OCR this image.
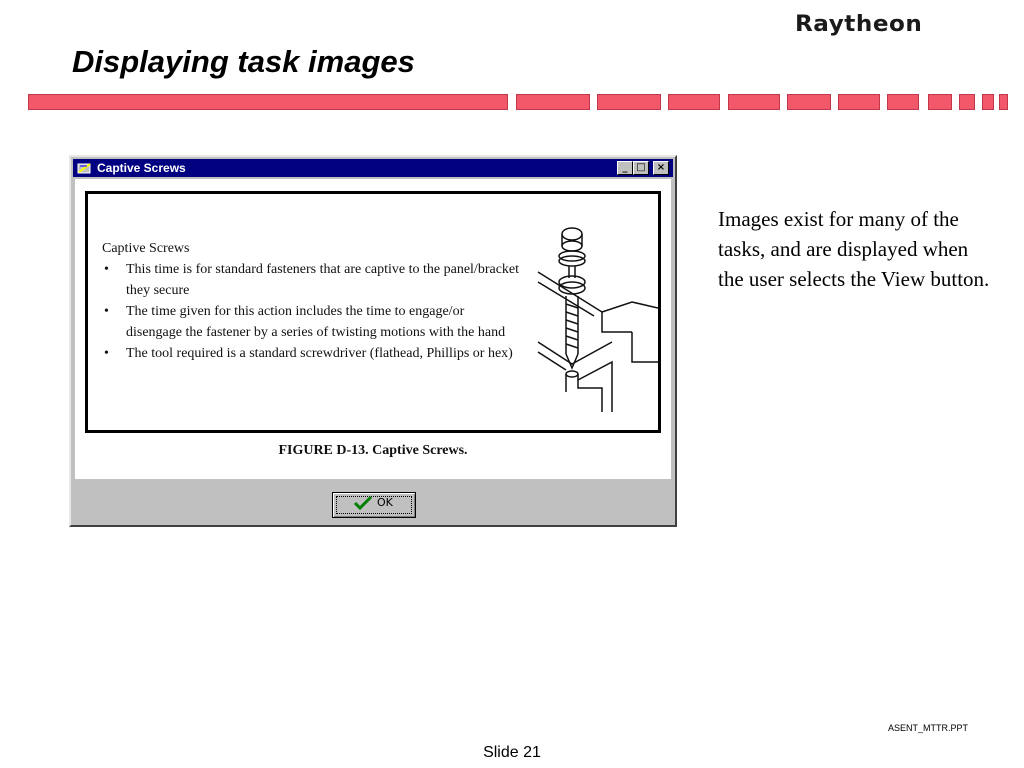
Raytheon
Displaying task images
Captive Screws	_ □	×
Captive Screws
• This time is for standard fasteners that are captive to the panel/bracket they secure
• The time given for this action includes the time to engage/or disengage the fastener by a series of twisting motions with the hand
• The tool required is a standard screwdriver (flathead, Phillips or hex)
FIGURE D-13. Captive Screws.
OK
Images exist for many of the tasks, and are displayed when the user selects the View button.
ASENT_MTTR.PPT
Slide 21
